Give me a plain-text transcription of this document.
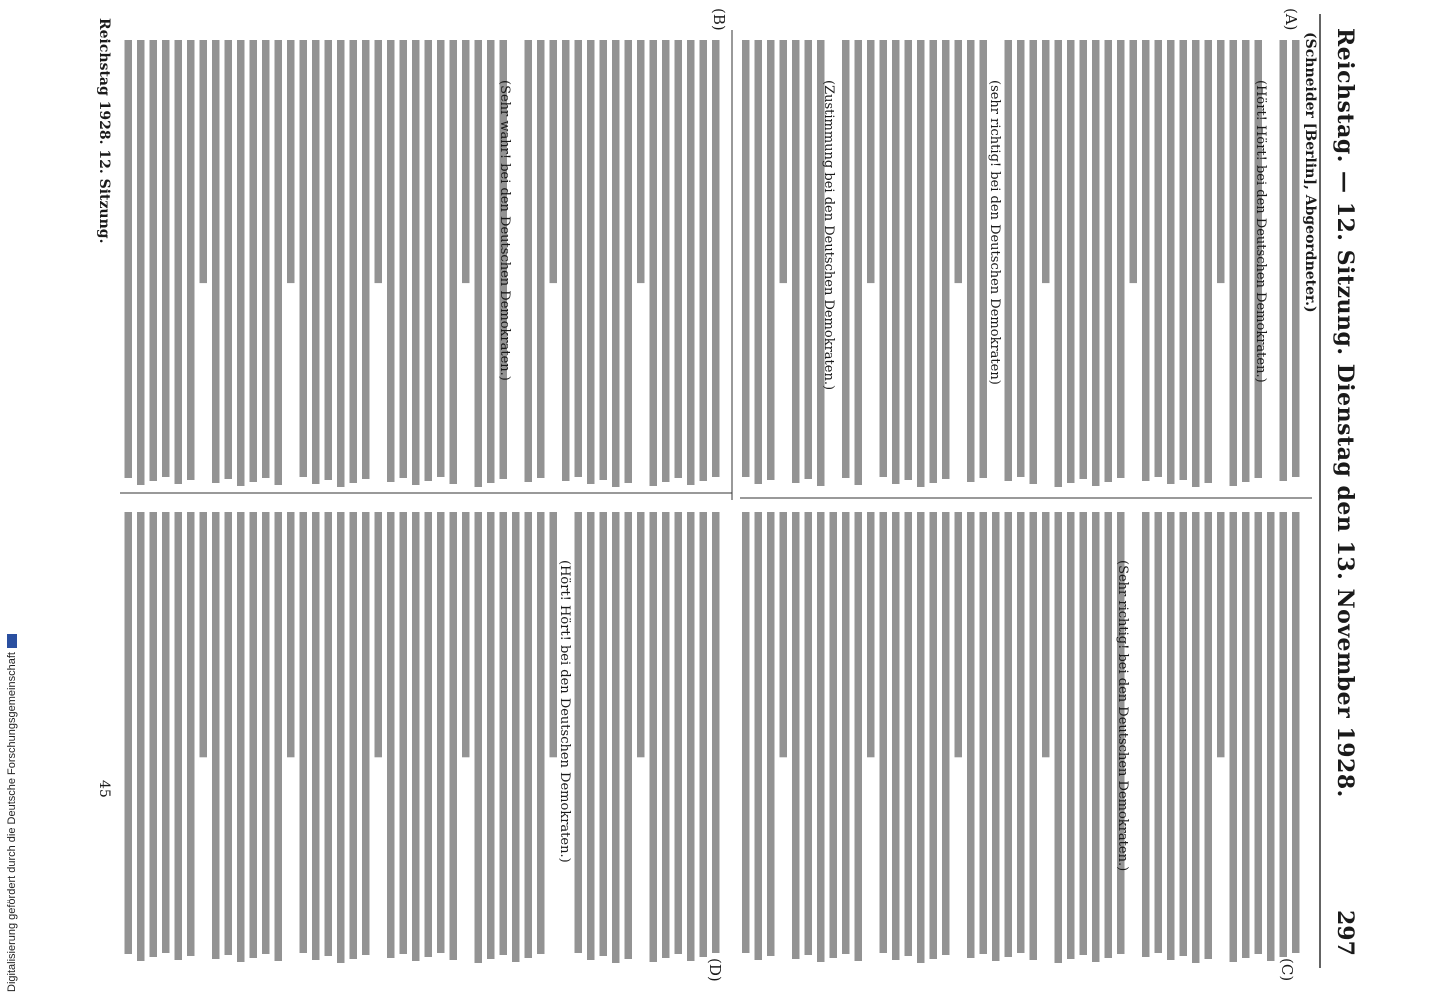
Reichstag. — 12. Sitzung. Dienstag den 13. November 1928.
297
(Schneider [Berlin], Abgeordneter.)
(A)
(B)
(C)
(D)
(Hört! Hört! bei den Deutschen Demokraten.)
(sehr richtig! bei den Deutschen Demokraten)
(Zustimmung bei den Deutschen Demokraten.)
(Sehr wahr! bei den Deutschen Demokraten.)
(Sehr richtig! bei den Deutschen Demokraten.)
(Hört! Hört! bei den Deutschen Demokraten.)
Reichstag 1928. 12. Sitzung.
45
Digitalisierung gefördert durch die Deutsche Forschungsgemeinschaft
